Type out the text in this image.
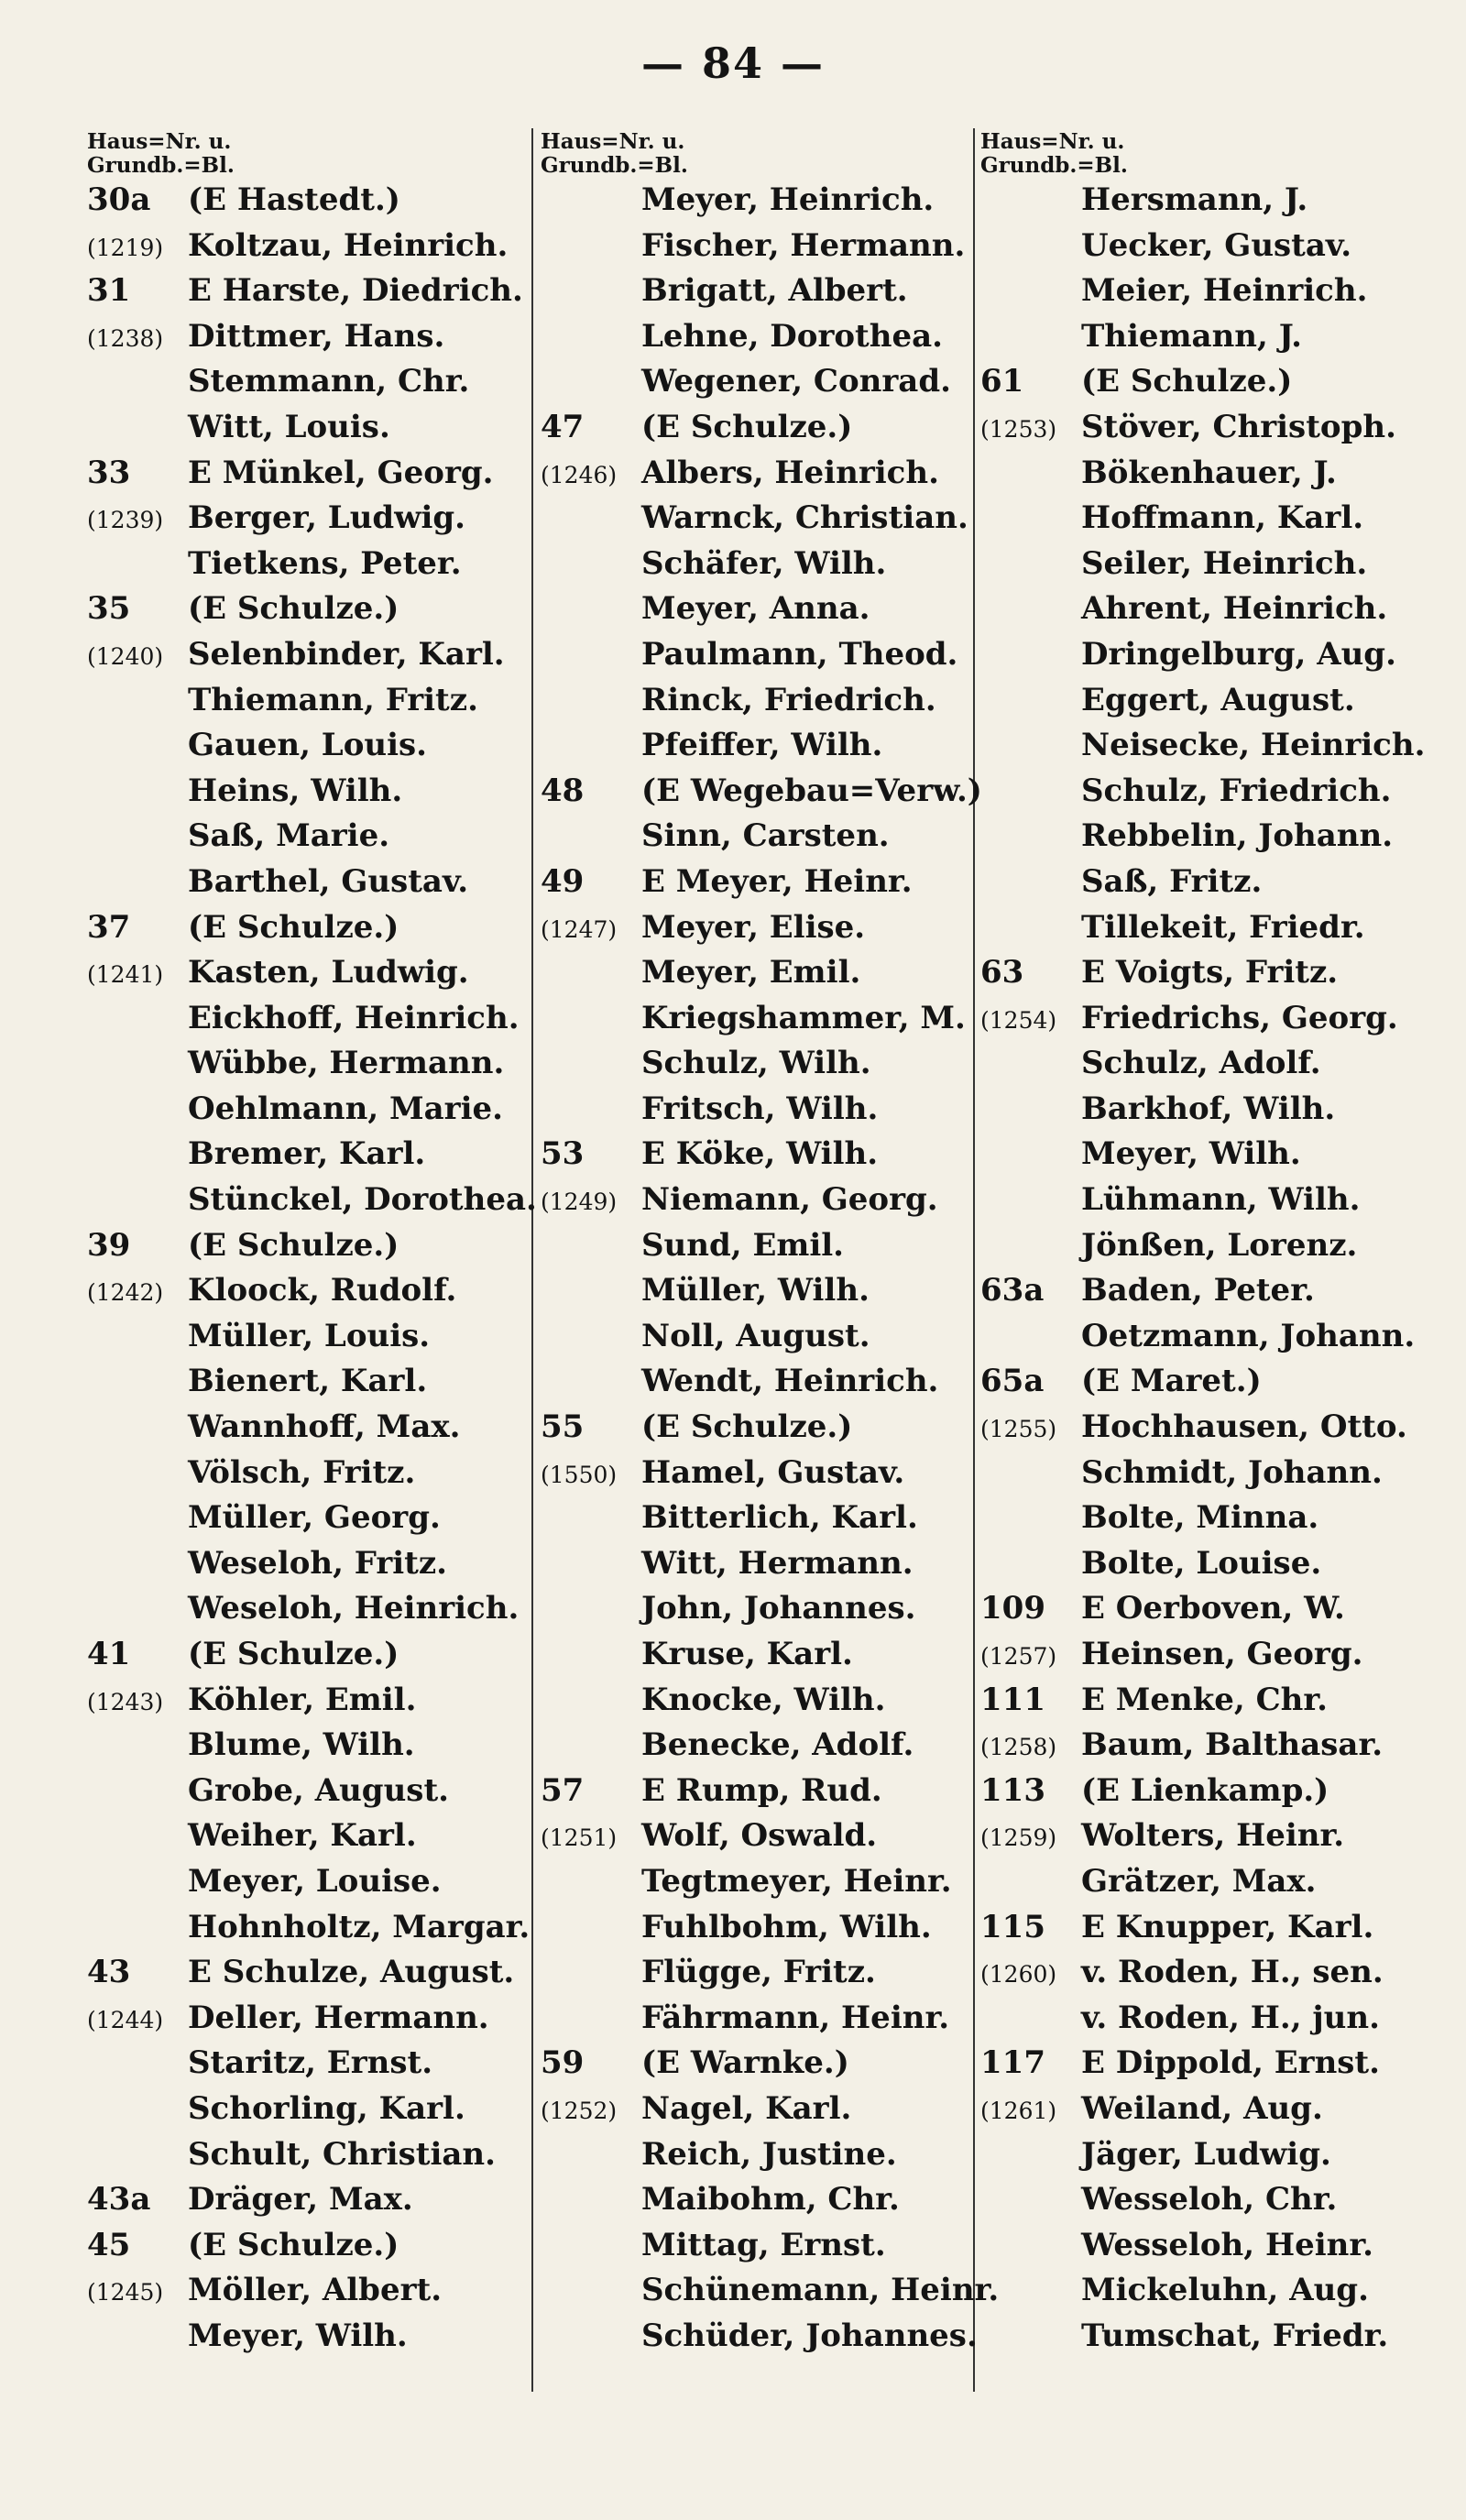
— 84 —
Haus=Nr. u.
Grundb.=Bl.
30a	(E Hastedt.)
(1219) Koltzau, Heinrich.
31	E Harste, Diedrich.
(1238) Dittmer, Hans.
Stemmann, Chr.
Witt, Louis.
33	E Münkel, Georg.
(1239) Berger, Ludwig.
Tietkens, Peter.
35	(E Schulze.)
(1240) Selenbinder, Karl.
Thiemann, Fritz.
Gauen, Louis.
Heins, Wilh.
Saß, Marie.
Barthel, Gustav.
37	(E Schulze.)
(1241) Kasten, Ludwig.
Eickhoff, Heinrich.
Wübbe, Hermann.
Oehlmann, Marie.
Bremer, Karl.
Stünckel, Dorothea.
39	(E Schulze.)
(1242) Kloock, Rudolf.
Müller, Louis.
Bienert, Karl.
Wannhoff, Max.
Völsch, Fritz.
Müller, Georg.
Weseloh, Fritz.
Weseloh, Heinrich.
41	(E Schulze.)
(1243) Köhler, Emil.
Blume, Wilh.
Grobe, August.
Weiher, Karl.
Meyer, Louise.
Hohnholtz, Margar.
43	E Schulze, August.
(1244) Deller, Hermann.
Staritz, Ernst.
Schorling, Karl.
Schult, Christian.
43a	Dräger, Max.
45	(E Schulze.)
(1245) Möller, Albert.
Meyer, Wilh.
Haus=Nr. u.
Grundb.=Bl.
Meyer, Heinrich.
Fischer, Hermann.
Brigatt, Albert.
Lehne, Dorothea.
Wegener, Conrad.
47	(E Schulze.)
(1246) Albers, Heinrich.
Warnck, Christian.
Schäfer, Wilh.
Meyer, Anna.
Paulmann, Theod.
Rinck, Friedrich.
Pfeiffer, Wilh.
48	(E Wegebau=Verw.)
Sinn, Carsten.
49	E Meyer, Heinr.
(1247) Meyer, Elise.
Meyer, Emil.
Kriegshammer, M.
Schulz, Wilh.
Fritsch, Wilh.
53	E Köke, Wilh.
(1249) Niemann, Georg.
Sund, Emil.
Müller, Wilh.
Noll, August.
Wendt, Heinrich.
55	(E Schulze.)
(1550) Hamel, Gustav.
Bitterlich, Karl.
Witt, Hermann.
John, Johannes.
Kruse, Karl.
Knocke, Wilh.
Benecke, Adolf.
57	E Rump, Rud.
(1251) Wolf, Oswald.
Tegtmeyer, Heinr.
Fuhlbohm, Wilh.
Flügge, Fritz.
Fährmann, Heinr.
59	(E Warnke.)
(1252) Nagel, Karl.
Reich, Justine.
Maibohm, Chr.
Mittag, Ernst.
Schünemann, Heinr.
Schüder, Johannes.
Haus=Nr. u.
Grundb.=Bl.
Hersmann, J.
Uecker, Gustav.
Meier, Heinrich.
Thiemann, J.
61	(E Schulze.)
(1253) Stöver, Christoph.
Bökenhauer, J.
Hoffmann, Karl.
Seiler, Heinrich.
Ahrent, Heinrich.
Dringelburg, Aug.
Eggert, August.
Neisecke, Heinrich.
Schulz, Friedrich.
Rebbelin, Johann.
Saß, Fritz.
Tillekeit, Friedr.
63	E Voigts, Fritz.
(1254) Friedrichs, Georg.
Schulz, Adolf.
Barkhof, Wilh.
Meyer, Wilh.
Lühmann, Wilh.
Jönßen, Lorenz.
63a	Baden, Peter.
Oetzmann, Johann.
65a	(E Maret.)
(1255) Hochhausen, Otto.
Schmidt, Johann.
Bolte, Minna.
Bolte, Louise.
109	E Oerboven, W.
(1257) Heinsen, Georg.
111	E Menke, Chr.
(1258) Baum, Balthasar.
113	(E Lienkamp.)
(1259) Wolters, Heinr.
Grätzer, Max.
115	E Knupper, Karl.
(1260) v. Roden, H., sen.
v. Roden, H., jun.
117	E Dippold, Ernst.
(1261) Weiland, Aug.
Jäger, Ludwig.
Wesseloh, Chr.
Wesseloh, Heinr.
Mickeluhn, Aug.
Tumschat, Friedr.
